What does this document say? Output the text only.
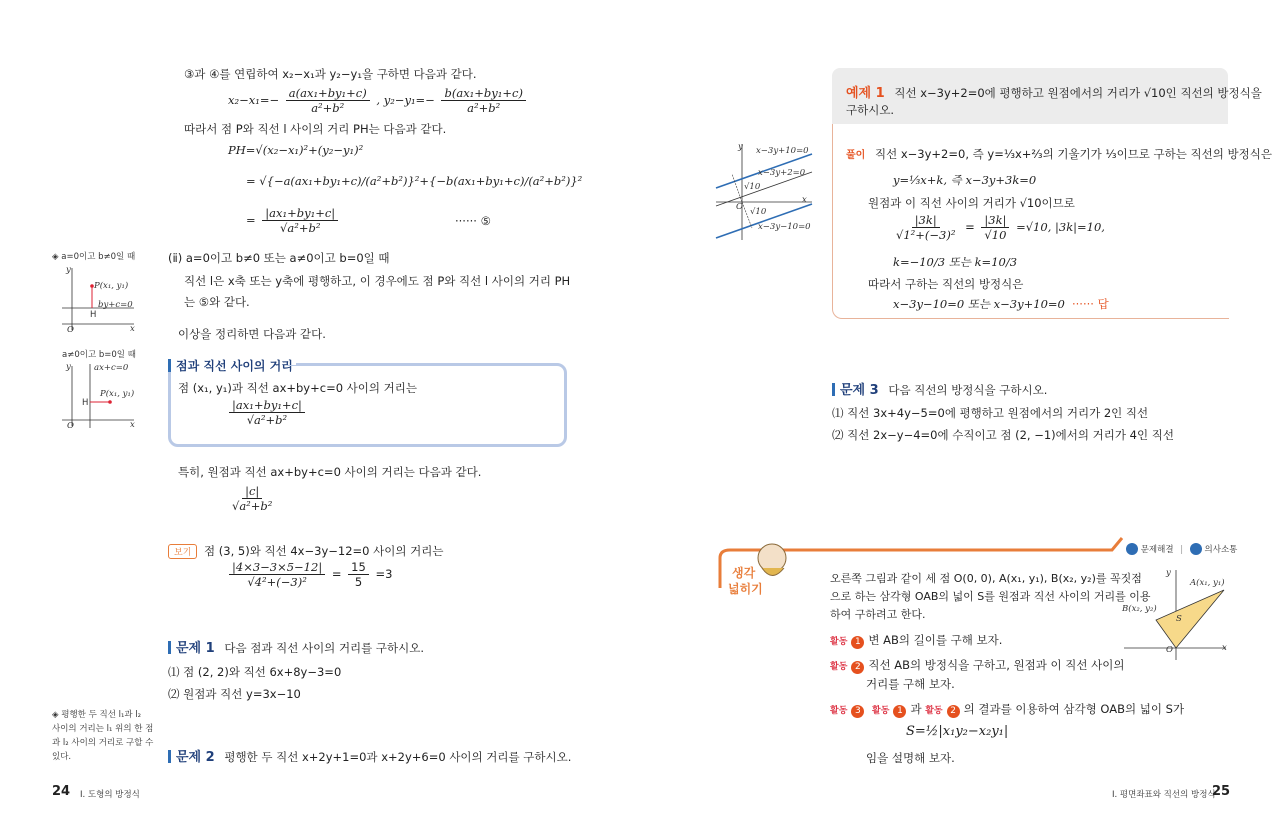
③과 ④를 연립하여 x₂−x₁과 y₂−y₁을 구하면 다음과 같다.
$x_2-x_1=- \frac{\text{a(ax₁+by₁+c)}}{\text{a²+b²}}$ , $y_2-y_1=- \frac{\text{b(ax₁+by₁+c)}}{\text{a²+b²}}$
따라서 점 P와 직선 l 사이의 거리 PH는 다음과 같다.
PH=√(x₂−x₁)²+(y₂−y₁)²
= √{−a(ax₁+by₁+c)/(a²+b²)}²+{−b(ax₁+by₁+c)/(a²+b²)}²
= $\frac{\text{|ax₁+by₁+c|}}{\text{√a²+b²}}$	······ ⑤
(ⅱ) a=0이고 b≠0 또는 a≠0이고 b=0일 때
직선 l은 x축 또는 y축에 평행하고, 이 경우에도 점 P와 직선 l 사이의 거리 PH
는 ⑤와 같다.
이상을 정리하면 다음과 같다.
점과 직선 사이의 거리
점 (x₁, y₁)과 직선 ax+by+c=0 사이의 거리는
$\frac{\text{|ax₁+by₁+c|}}{\text{√a²+b²}}$
특히, 원점과 직선 ax+by+c=0 사이의 거리는 다음과 같다.
$\frac{|c|}{\text{√a²+b²}}$
보기 점 (3, 5)와 직선 4x−3y−12=0 사이의 거리는
$\frac{|4\times 3-3\times 5-12|}{\text{√4²+(−3)²}} = \frac{15}{5} =3$
문제 1 다음 점과 직선 사이의 거리를 구하시오.
⑴ 점 (2, 2)와 직선 6x+8y−3=0
⑵ 원점과 직선 y=3x−10
문제 2 평행한 두 직선 x+2y+1=0과 x+2y+6=0 사이의 거리를 구하시오.
◈ a=0이고 b≠0일 때
y
P(x₁, y₁)
by+c=0
H
O	x
a≠0이고 b=0일 때
y	ax+c=0
P(x₁, y₁)
H
O	x
◈ 평행한 두 직선 l₁과 l₂
사이의 거리는 l₁ 위의 한 점
과 l₂ 사이의 거리로 구할 수
있다.
24 Ⅰ. 도형의 방정식
예제 1 직선 x−3y+2=0에 평행하고 원점에서의 거리가 √10인 직선의 방정식을
구하시오.
풀이 직선 x−3y+2=0, 즉 y=⅓x+⅔의 기울기가 ⅓이므로 구하는 직선의 방정식은
y=⅓x+k, 즉 x−3y+3k=0
원점과 이 직선 사이의 거리가 √10이므로
$\frac{|3k|}{\text{√1²+(−3)²}} = \frac{|3k|}{√10} =√10$, |3k|=10,
k=−10/3 또는 k=10/3
따라서 구하는 직선의 방정식은
x−3y−10=0 또는 x−3y+10=0 ······ 답
y x−3y+10=0
x−3y+2=0
√10
O
x
√10
x−3y−10=0
문제 3 다음 직선의 방정식을 구하시오.
⑴ 직선 3x+4y−5=0에 평행하고 원점에서의 거리가 2인 직선
⑵ 직선 2x−y−4=0에 수직이고 점 (2, −1)에서의 거리가 4인 직선
생각
넓히기
문제해결 |	의사소통
오른쪽 그림과 같이 세 점 O(0, 0), A(x₁, y₁), B(x₂, y₂)를 꼭짓점
으로 하는 삼각형 OAB의 넓이 S를 원점과 직선 사이의 거리를 이용
하여 구하려고 한다.
활동 1 변 AB의 길이를 구해 보자.
활동 2 직선 AB의 방정식을 구하고, 원점과 이 직선 사이의
거리를 구해 보자.
활동 3 활동 1 과 활동 2 의 결과를 이용하여 삼각형 OAB의 넓이 S가
S=½|x₁y₂−x₂y₁|
임을 설명해 보자.
y
A(x₁, y₁)
B(x₂, y₂)
S
O	x
Ⅰ. 평면좌표와 직선의 방정식
25
